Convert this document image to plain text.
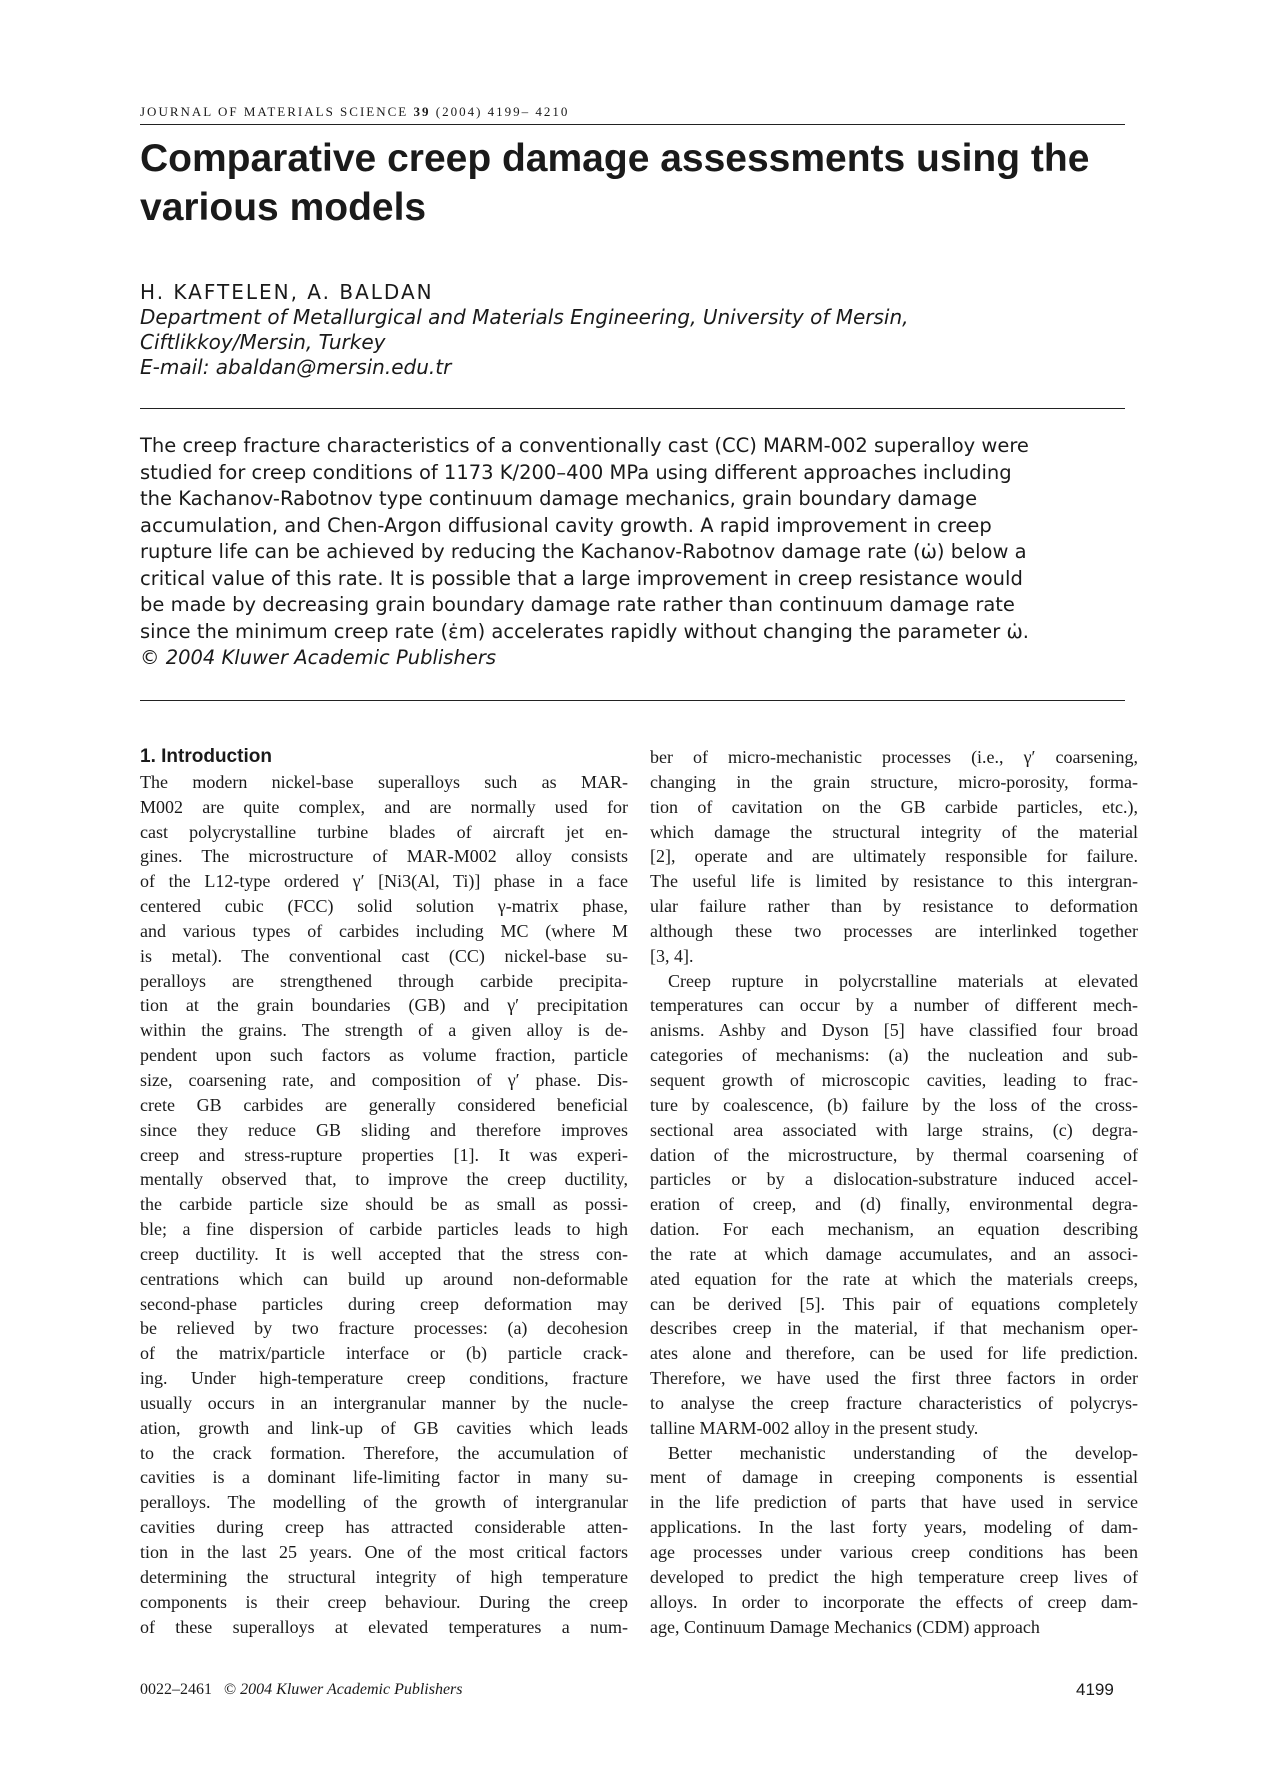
JOURNAL OF MATERIALS SCIENCE 39 (2004) 4199– 4210
Comparative creep damage assessments using the various models
H. KAFTELEN, A. BALDAN
Department of Metallurgical and Materials Engineering, University of Mersin,
Ciftlikkoy/Mersin, Turkey
E-mail: abaldan@mersin.edu.tr
The creep fracture characteristics of a conventionally cast (CC) MARM-002 superalloy were
studied for creep conditions of 1173 K/200–400 MPa using different approaches including
the Kachanov-Rabotnov type continuum damage mechanics, grain boundary damage
accumulation, and Chen-Argon diffusional cavity growth. A rapid improvement in creep
rupture life can be achieved by reducing the Kachanov-Rabotnov damage rate (ω̇) below a
critical value of this rate. It is possible that a large improvement in creep resistance would
be made by decreasing grain boundary damage rate rather than continuum damage rate
since the minimum creep rate (ε̇m) accelerates rapidly without changing the parameter ω̇.
© 2004 Kluwer Academic Publishers
1. Introduction
The modern nickel-base superalloys such as MAR-
M002 are quite complex, and are normally used for
cast polycrystalline turbine blades of aircraft jet en-
gines. The microstructure of MAR-M002 alloy consists
of the L12-type ordered γ′ [Ni3(Al, Ti)] phase in a face
centered cubic (FCC) solid solution γ-matrix phase,
and various types of carbides including MC (where M
is metal). The conventional cast (CC) nickel-base su-
peralloys are strengthened through carbide precipita-
tion at the grain boundaries (GB) and γ′ precipitation
within the grains. The strength of a given alloy is de-
pendent upon such factors as volume fraction, particle
size, coarsening rate, and composition of γ′ phase. Dis-
crete GB carbides are generally considered beneficial
since they reduce GB sliding and therefore improves
creep and stress-rupture properties [1]. It was experi-
mentally observed that, to improve the creep ductility,
the carbide particle size should be as small as possi-
ble; a fine dispersion of carbide particles leads to high
creep ductility. It is well accepted that the stress con-
centrations which can build up around non-deformable
second-phase particles during creep deformation may
be relieved by two fracture processes: (a) decohesion
of the matrix/particle interface or (b) particle crack-
ing. Under high-temperature creep conditions, fracture
usually occurs in an intergranular manner by the nucle-
ation, growth and link-up of GB cavities which leads
to the crack formation. Therefore, the accumulation of
cavities is a dominant life-limiting factor in many su-
peralloys. The modelling of the growth of intergranular
cavities during creep has attracted considerable atten-
tion in the last 25 years. One of the most critical factors
determining the structural integrity of high temperature
components is their creep behaviour. During the creep
of these superalloys at elevated temperatures a num-
ber of micro-mechanistic processes (i.e., γ′ coarsening,
changing in the grain structure, micro-porosity, forma-
tion of cavitation on the GB carbide particles, etc.),
which damage the structural integrity of the material
[2], operate and are ultimately responsible for failure.
The useful life is limited by resistance to this intergran-
ular failure rather than by resistance to deformation
although these two processes are interlinked together
[3, 4].
Creep rupture in polycrstalline materials at elevated
temperatures can occur by a number of different mech-
anisms. Ashby and Dyson [5] have classified four broad
categories of mechanisms: (a) the nucleation and sub-
sequent growth of microscopic cavities, leading to frac-
ture by coalescence, (b) failure by the loss of the cross-
sectional area associated with large strains, (c) degra-
dation of the microstructure, by thermal coarsening of
particles or by a dislocation-substrature induced accel-
eration of creep, and (d) finally, environmental degra-
dation. For each mechanism, an equation describing
the rate at which damage accumulates, and an associ-
ated equation for the rate at which the materials creeps,
can be derived [5]. This pair of equations completely
describes creep in the material, if that mechanism oper-
ates alone and therefore, can be used for life prediction.
Therefore, we have used the first three factors in order
to analyse the creep fracture characteristics of polycrys-
talline MARM-002 alloy in the present study.
Better mechanistic understanding of the develop-
ment of damage in creeping components is essential
in the life prediction of parts that have used in service
applications. In the last forty years, modeling of dam-
age processes under various creep conditions has been
developed to predict the high temperature creep lives of
alloys. In order to incorporate the effects of creep dam-
age, Continuum Damage Mechanics (CDM) approach
0022–2461 © 2004 Kluwer Academic Publishers	4199
